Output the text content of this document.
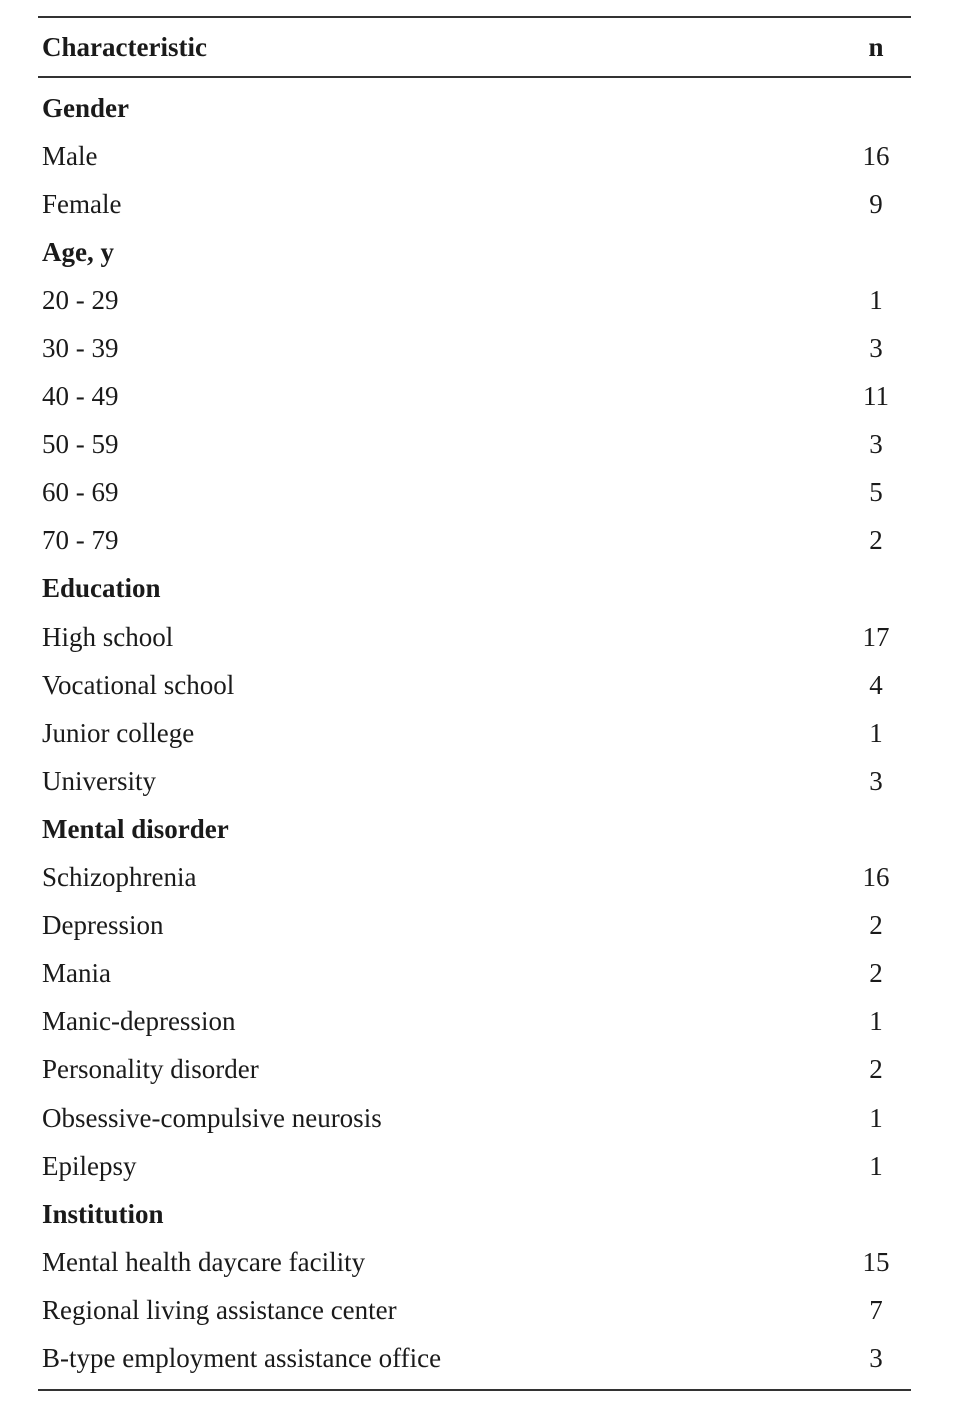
Characteristic	n
Gender
Male	16
Female	9
Age, y
20 - 29	1
30 - 39	3
40 - 49	11
50 - 59	3
60 - 69	5
70 - 79	2
Education
High school	17
Vocational school	4
Junior college	1
University	3
Mental disorder
Schizophrenia	16
Depression	2
Mania	2
Manic-depression	1
Personality disorder	2
Obsessive-compulsive neurosis	1
Epilepsy	1
Institution
Mental health daycare facility	15
Regional living assistance center	7
B-type employment assistance office	3
